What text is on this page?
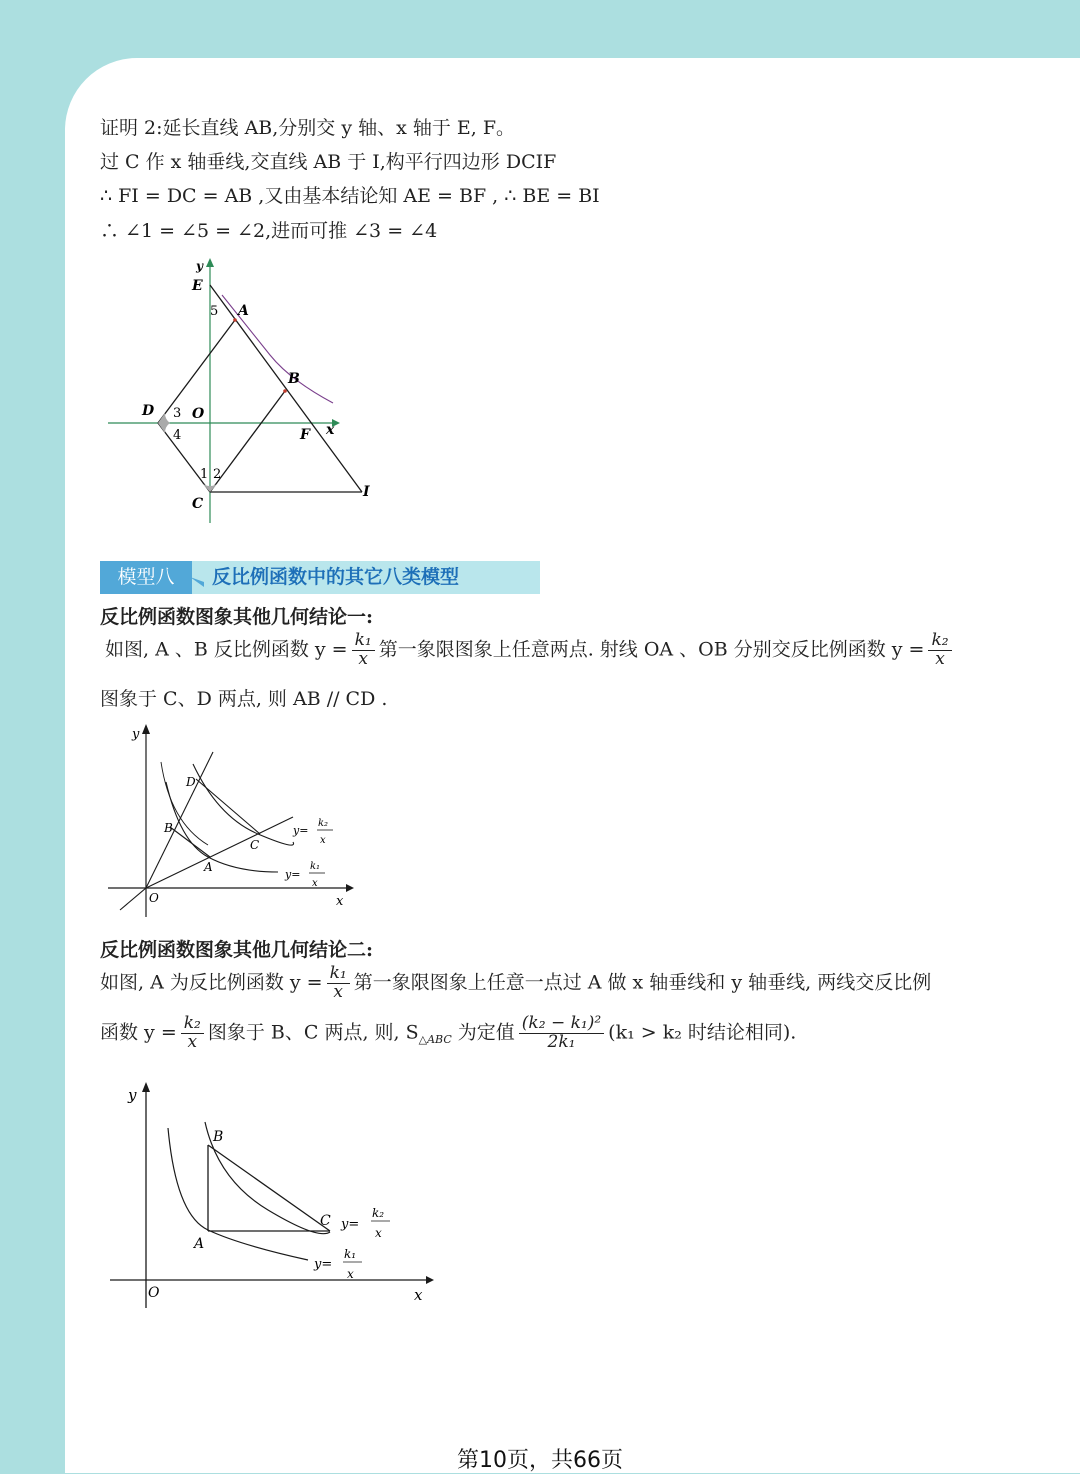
证明 2:延长直线 AB,分别交 y 轴、x 轴于 E, F。
过 C 作 x 轴垂线,交直线 AB 于 I,构平行四边形 DCIF
∴ FI = DC = AB ,又由基本结论知 AE = BF , ∴ BE = BI
∴ ∠1 = ∠5 = ∠2,进而可推 ∠3 = ∠4
y
E
5 A
B
D 3 O
4	F x
1 2
C
I
模型八	反比例函数中的其它八类模型
反比例函数图象其他几何结论一:
如图, A 、B 反比例函数 $y = \frac{\text{k₁}}{x}$ 第一象限图象上任意两点. 射线 OA 、OB 分别交反比例函数 $y = \frac{\text{k₂}}{x}$
图象于 C、D 两点, 则 AB // CD .
y
O	x
D
B
A
C
y=
k₂
x
y=
k₁
x
反比例函数图象其他几何结论二:
如图, A 为反比例函数 $y = \frac{\text{k₁}}{x}$ 第一象限图象上任意一点过 A 做 x 轴垂线和 y 轴垂线, 两线交反比例
函数 $y = \frac{\text{k₂}}{x}$ 图象于 B、C 两点, 则, $S_{\triangle ABC}$ 为定值 $\frac{\text{(k₂ − k₁)²}}{\text{2k₁}} (k_1 > k_2$ 时结论相同).
y
O	x
B
A
C y=
k₂
x
y=
k₁
x
第10页，共66页
